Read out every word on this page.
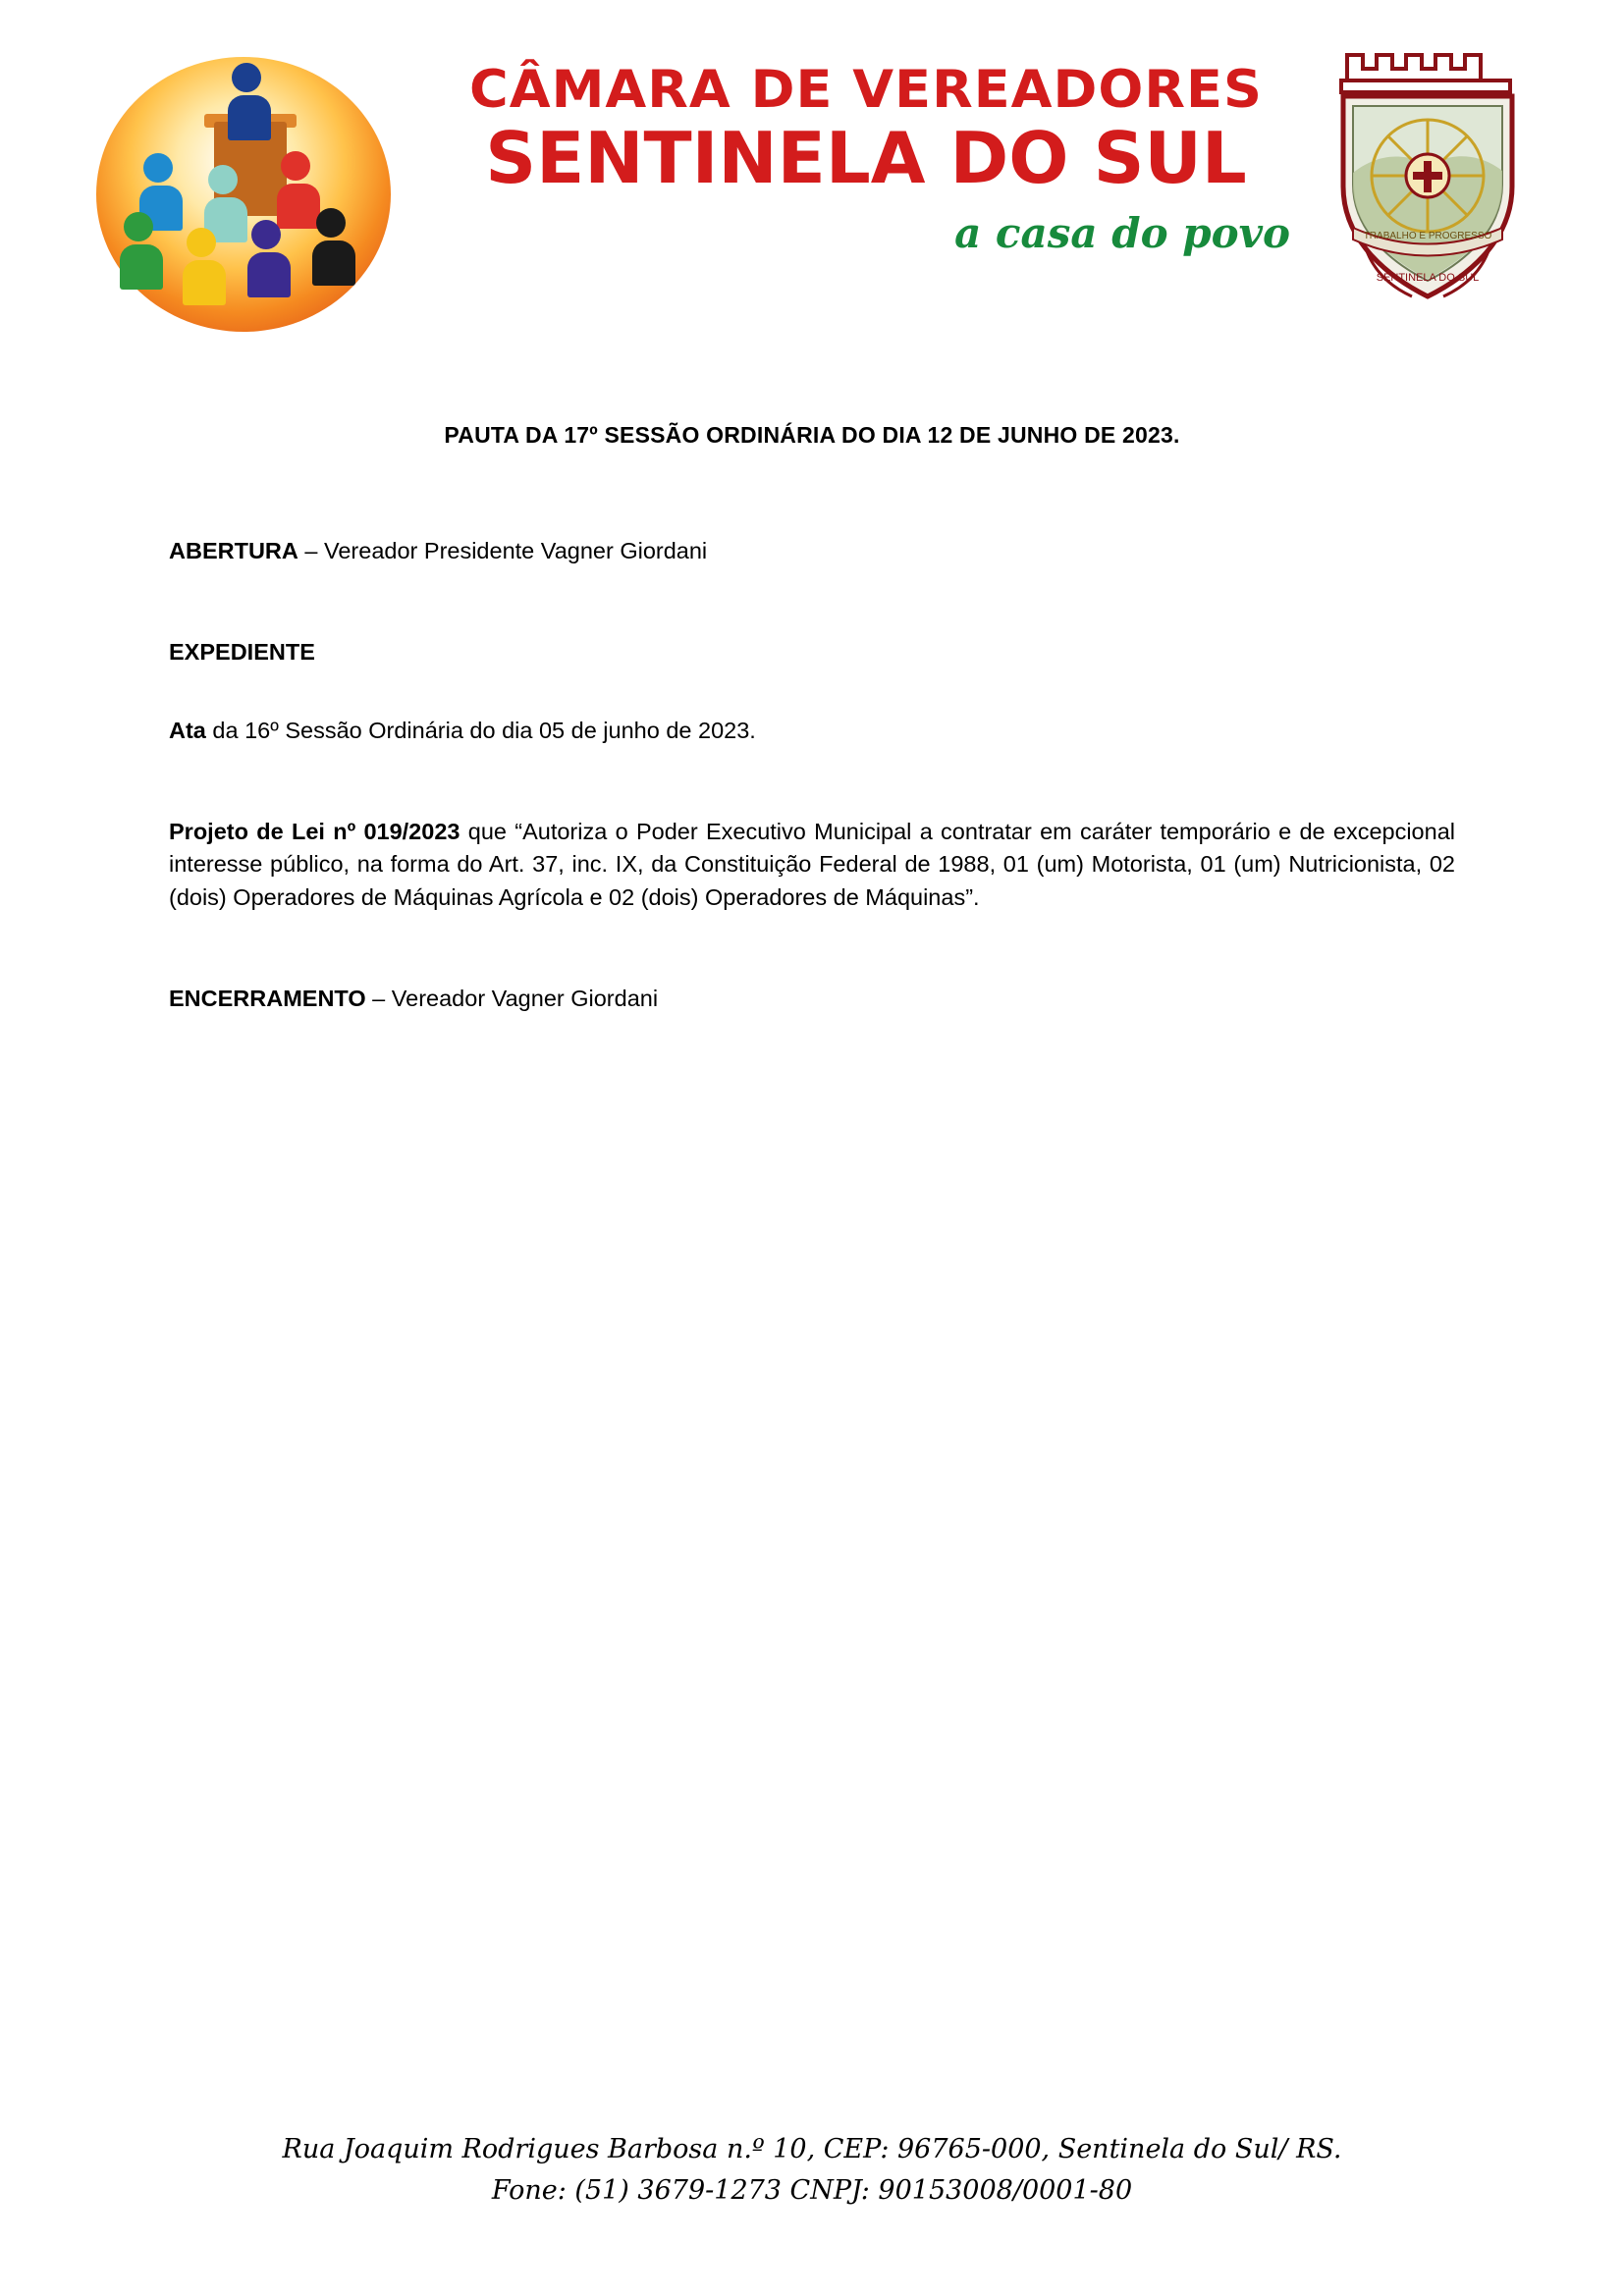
CÂMARA DE VEREADORES
SENTINELA DO SUL
a casa do povo	TRABALHO E PROGRESSO
SENTINELA DO SUL
PAUTA DA 17º SESSÃO ORDINÁRIA DO DIA 12 DE JUNHO DE 2023.

ABERTURA – Vereador Presidente Vagner Giordani

EXPEDIENTE

Ata da 16º Sessão Ordinária do dia 05 de junho de 2023.

Projeto de Lei nº 019/2023 que “Autoriza o Poder Executivo Municipal a contratar em caráter temporário e de excepcional interesse público, na forma do Art. 37, inc. IX, da Constituição Federal de 1988, 01 (um) Motorista, 01 (um) Nutricionista, 02 (dois) Operadores de Máquinas Agrícola e 02 (dois) Operadores de Máquinas”.

ENCERRAMENTO – Vereador Vagner Giordani

Rua Joaquim Rodrigues Barbosa n.º 10, CEP: 96765-000, Sentinela do Sul/ RS.
Fone: (51) 3679-1273 CNPJ: 90153008/0001-80
